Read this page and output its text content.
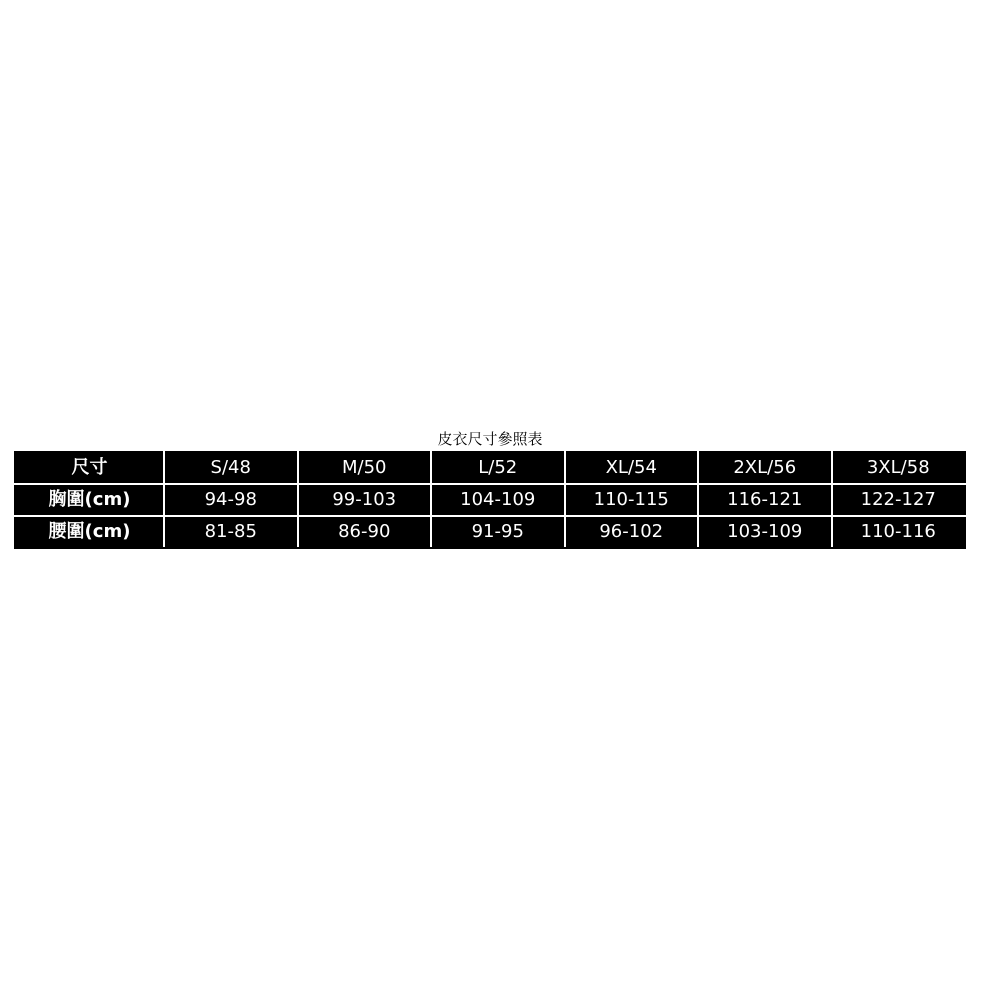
皮衣尺寸參照表
尺寸	S/48	M/50	L/52	XL/54	2XL/56	3XL/58
胸圍(cm)	94-98	99-103	104-109	110-115	116-121	122-127
腰圍(cm)	81-85	86-90	91-95	96-102	103-109	110-116
